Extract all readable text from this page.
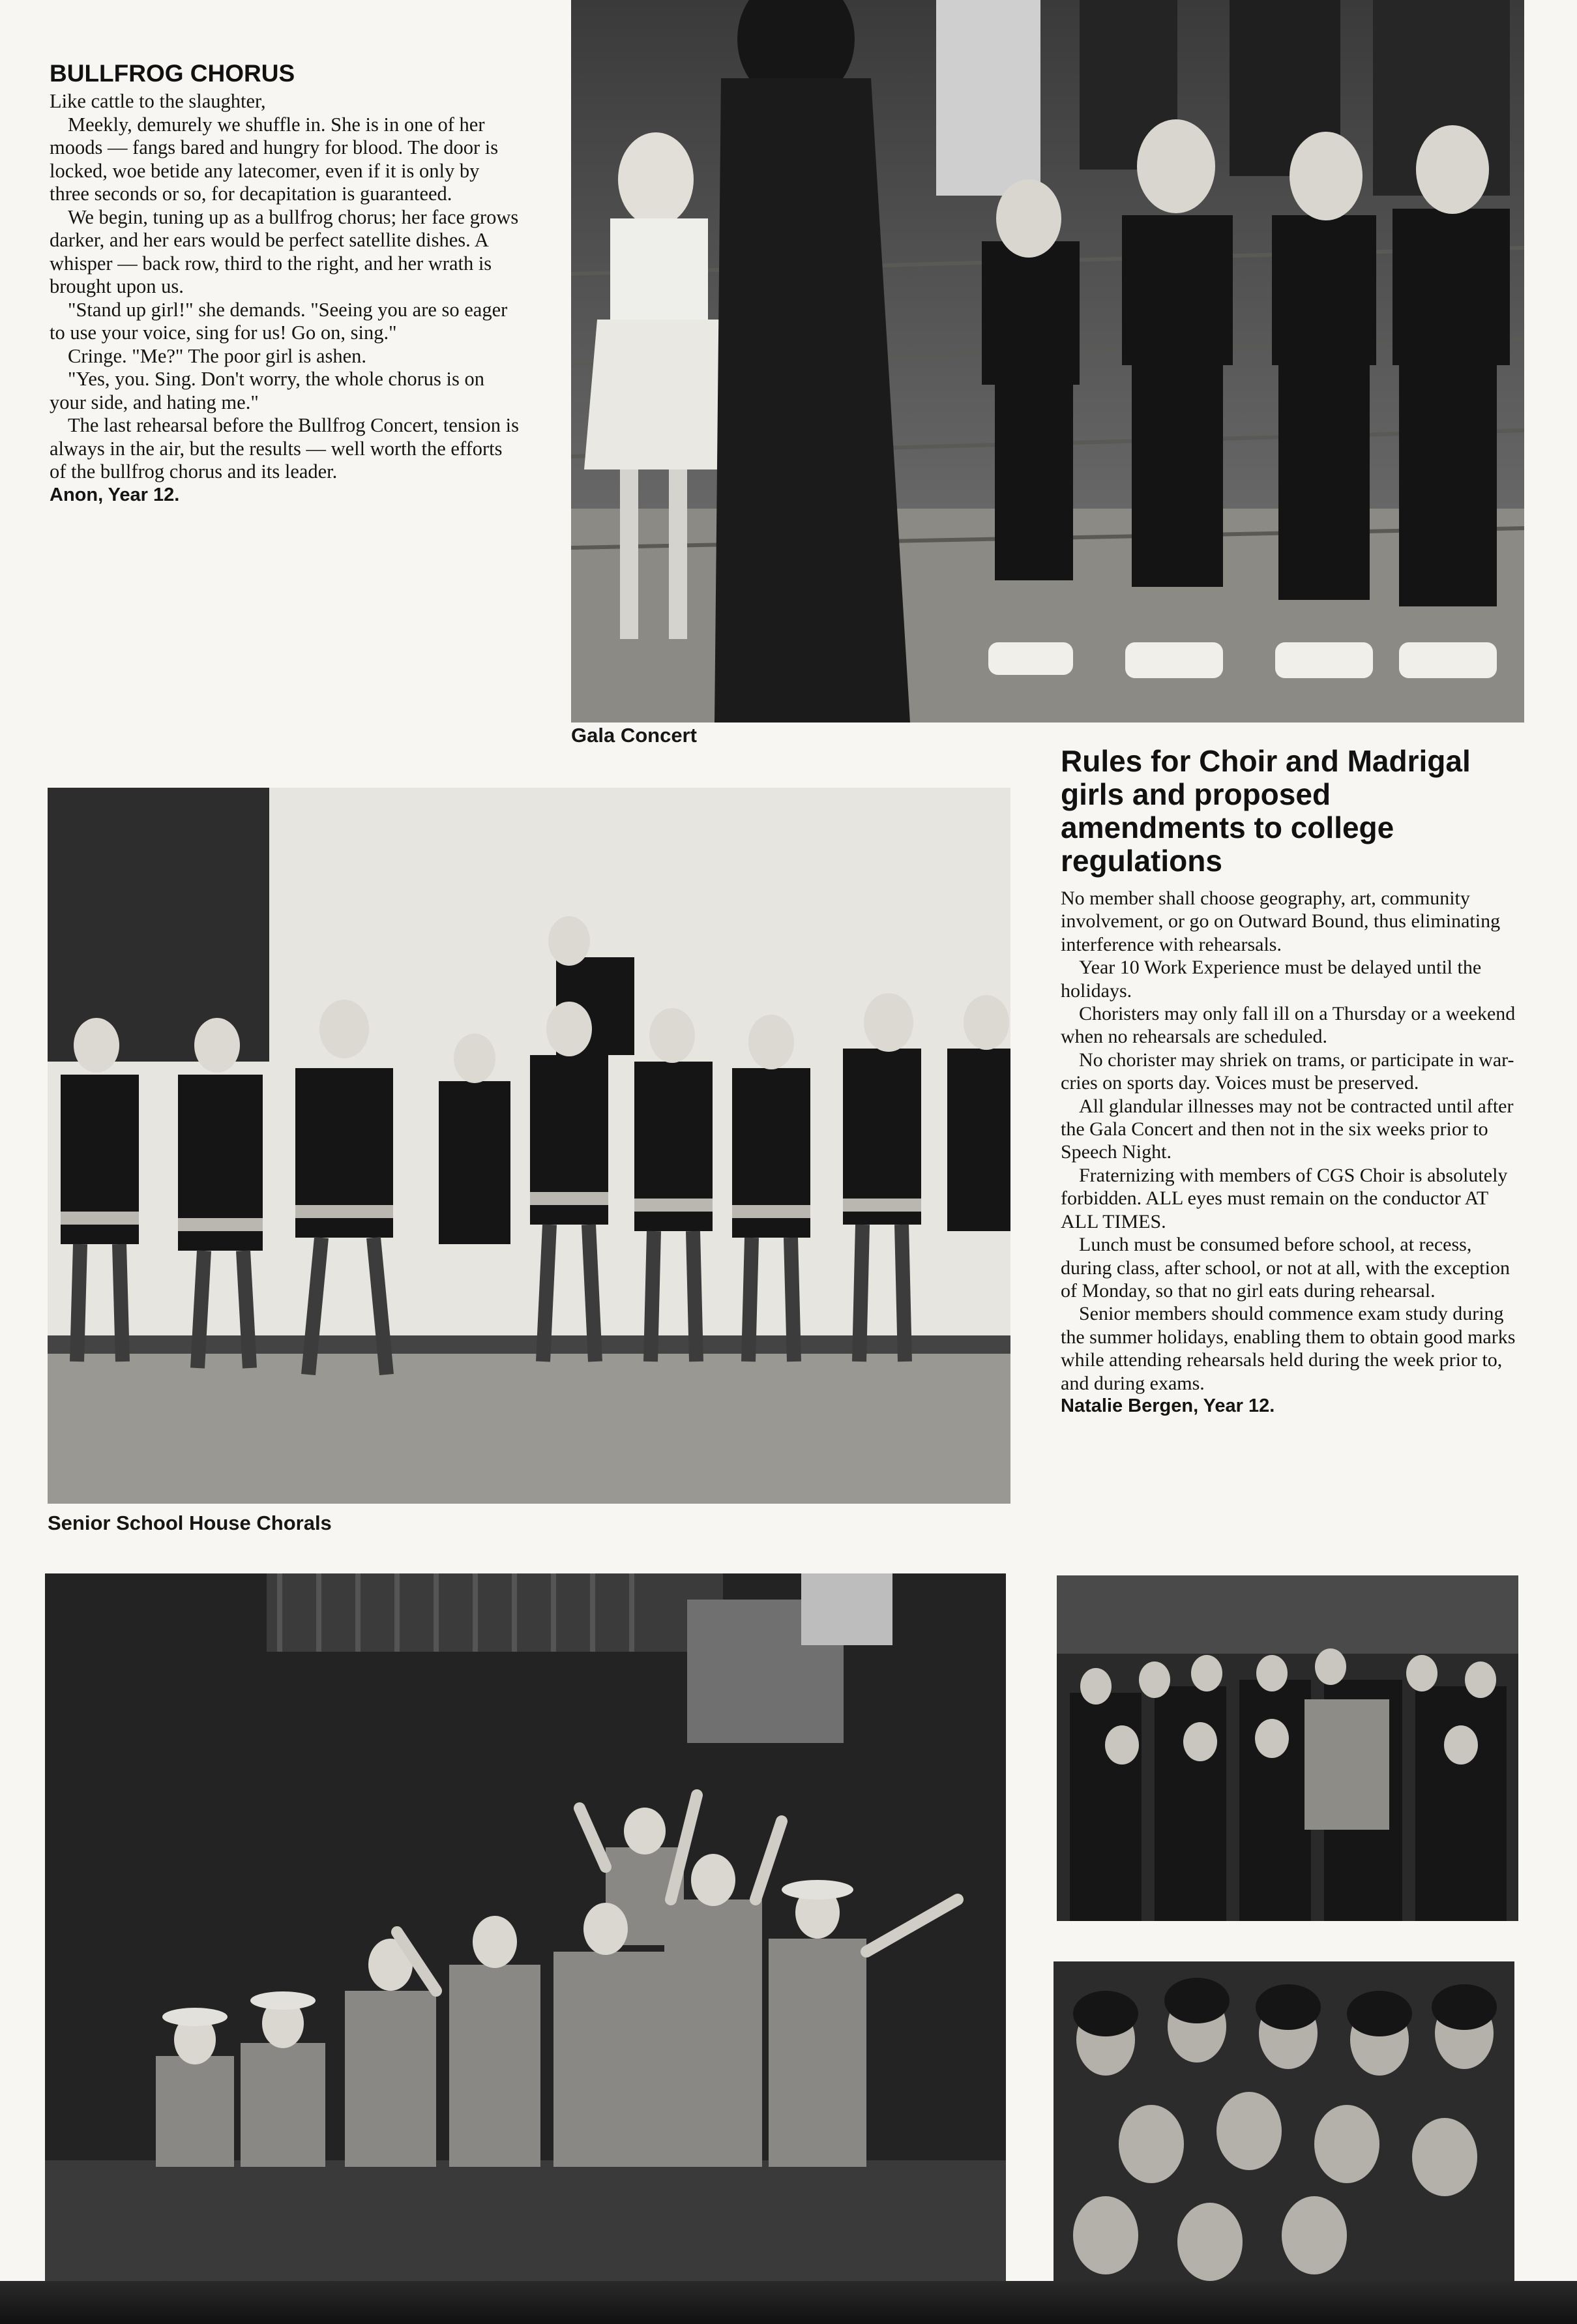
BULLFROG CHORUS

Like cattle to the slaughter,

Meekly, demurely we shuffle in. She is in one of her moods — fangs bared and hungry for blood. The door is locked, woe betide any latecomer, even if it is only by three seconds or so, for decapitation is guaranteed.

We begin, tuning up as a bullfrog chorus; her face grows darker, and her ears would be perfect satellite dishes. A whisper — back row, third to the right, and her wrath is brought upon us.

"Stand up girl!" she demands. "Seeing you are so eager to use your voice, sing for us! Go on, sing."

Cringe. "Me?" The poor girl is ashen.

"Yes, you. Sing. Don't worry, the whole chorus is on your side, and hating me."

The last rehearsal before the Bullfrog Concert, tension is always in the air, but the results — well worth the efforts of the bullfrog chorus and its leader.

Anon, Year 12.

Gala Concert
Senior School House Chorals
Rules for Choir and Madrigal girls and proposed amendments to college regulations

No member shall choose geography, art, community involvement, or go on Outward Bound, thus eliminating interference with rehearsals.

Year 10 Work Experience must be delayed until the holidays.

Choristers may only fall ill on a Thursday or a weekend when no rehearsals are scheduled.

No chorister may shriek on trams, or participate in war-cries on sports day. Voices must be preserved.

All glandular illnesses may not be contracted until after the Gala Concert and then not in the six weeks prior to Speech Night.

Fraternizing with members of CGS Choir is absolutely forbidden. ALL eyes must remain on the conductor AT ALL TIMES.

Lunch must be consumed before school, at recess, during class, after school, or not at all, with the exception of Monday, so that no girl eats during rehearsal.

Senior members should commence exam study during the summer holidays, enabling them to obtain good marks while attending rehearsals held during the week prior to, and during exams.

Natalie Bergen, Year 12.
